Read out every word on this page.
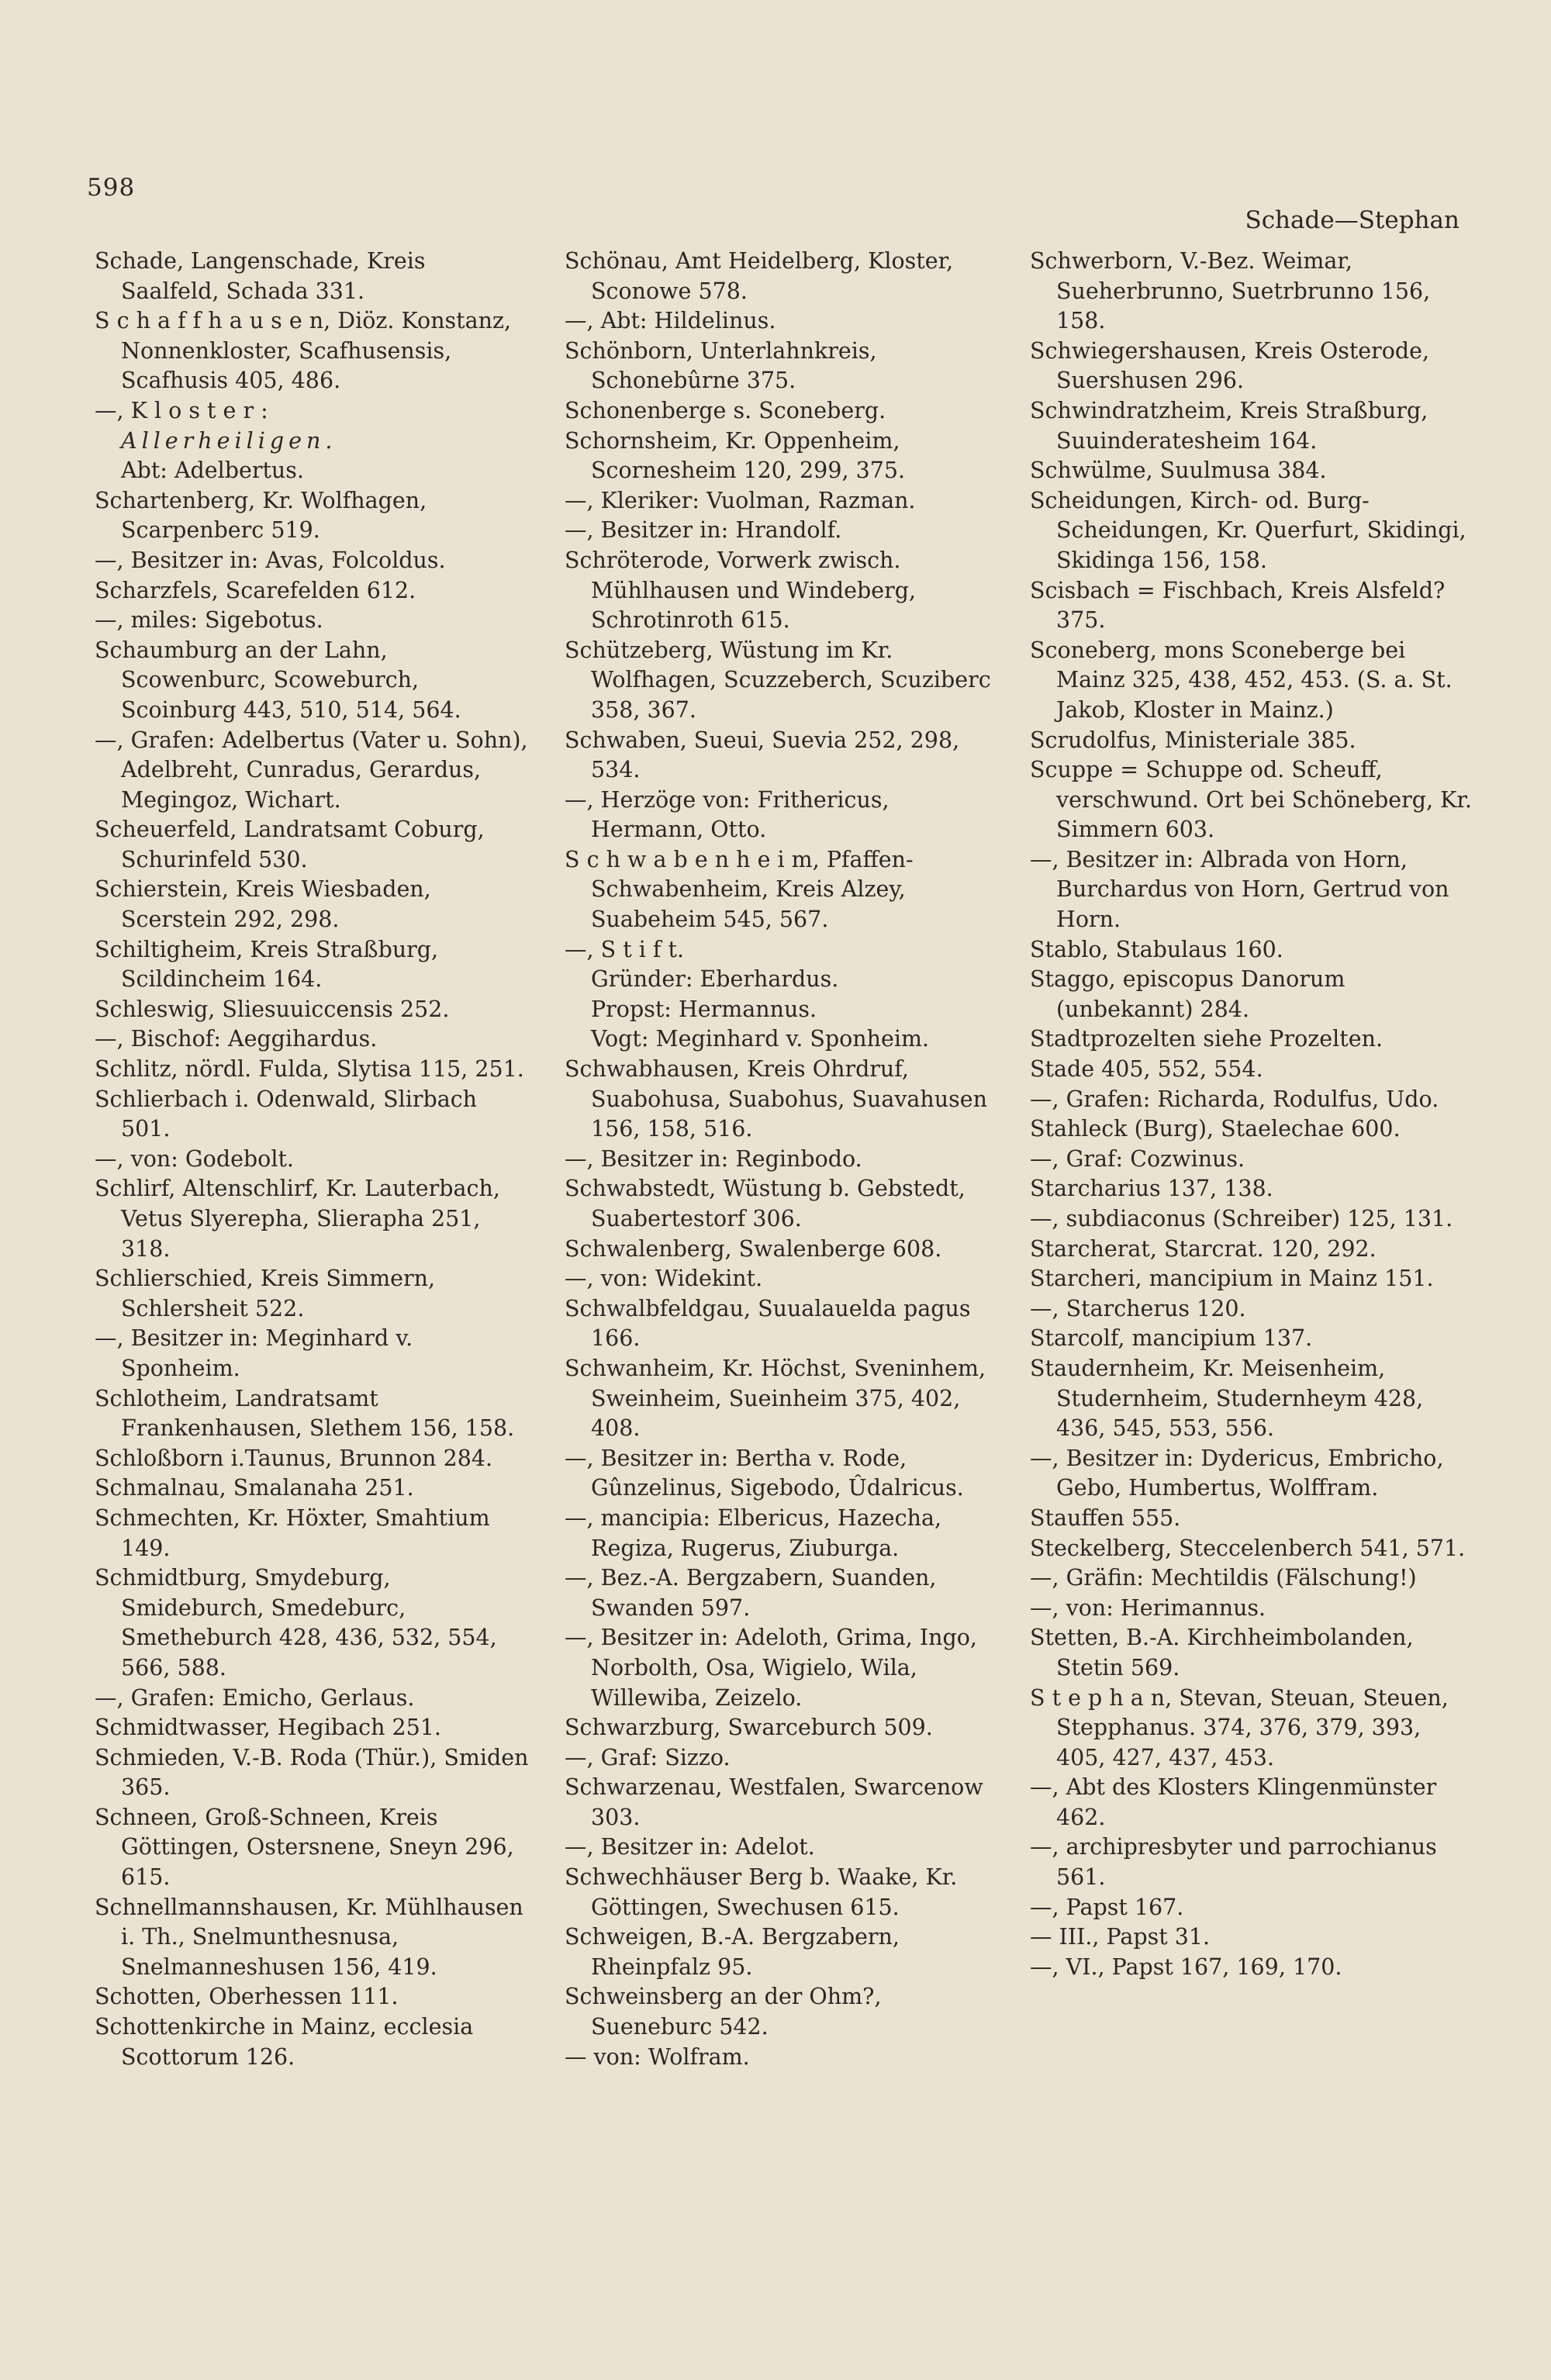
598
Schade—Stephan

Schade, Langenschade, Kreis Saalfeld, Schada 331.

S c h a f f h a u s e n, Diöz. Konstanz, Nonnenkloster, Scafhusensis, Scafhusis 405, 486.

—, K l o s t e r :

Allerheiligen.

Abt: Adelbertus.

Schartenberg, Kr. Wolfhagen, Scarpenberc 519.

—, Besitzer in: Avas, Folcoldus.

Scharzfels, Scarefelden 612.

—, miles: Sigebotus.

Schaumburg an der Lahn, Scowenburc, Scoweburch, Scoinburg 443, 510, 514, 564.

—, Grafen: Adelbertus (Vater u. Sohn), Adelbreht, Cunradus, Gerardus, Megingoz, Wichart.

Scheuerfeld, Landratsamt Coburg, Schurinfeld 530.

Schierstein, Kreis Wiesbaden, Scerstein 292, 298.

Schiltigheim, Kreis Straßburg, Scildincheim 164.

Schleswig, Sliesuuiccensis 252.

—, Bischof: Aeggihardus.

Schlitz, nördl. Fulda, Slytisa 115, 251.

Schlierbach i. Odenwald, Slirbach 501.

—, von: Godebolt.

Schlirf, Altenschlirf, Kr. Lauterbach, Vetus Slyerepha, Slierapha 251, 318.

Schlierschied, Kreis Simmern, Schlersheit 522.

—, Besitzer in: Meginhard v. Sponheim.

Schlotheim, Landratsamt Frankenhausen, Slethem 156, 158.

Schloßborn i.Taunus, Brunnon 284.

Schmalnau, Smalanaha 251.

Schmechten, Kr. Höxter, Smahtium 149.

Schmidtburg, Smydeburg, Smideburch, Smedeburc, Smetheburch 428, 436, 532, 554, 566, 588.

—, Grafen: Emicho, Gerlaus.

Schmidtwasser, Hegibach 251.

Schmieden, V.-B. Roda (Thür.), Smiden 365.

Schneen, Groß-Schneen, Kreis Göttingen, Ostersnene, Sneyn 296, 615.

Schnellmannshausen, Kr. Mühlhausen i. Th., Snelmunthesnusa, Snelmanneshusen 156, 419.

Schotten, Oberhessen 111.

Schottenkirche in Mainz, ecclesia Scottorum 126.

Schönau, Amt Heidelberg, Kloster, Sconowe 578.

—, Abt: Hildelinus.

Schönborn, Unterlahnkreis, Schonebûrne 375.

Schonenberge s. Sconeberg.

Schornsheim, Kr. Oppenheim, Scornesheim 120, 299, 375.

—, Kleriker: Vuolman, Razman.

—, Besitzer in: Hrandolf.

Schröterode, Vorwerk zwisch. Mühlhausen und Windeberg, Schrotinroth 615.

Schützeberg, Wüstung im Kr. Wolfhagen, Scuzzeberch, Scuziberc 358, 367.

Schwaben, Sueui, Suevia 252, 298, 534.

—, Herzöge von: Frithericus, Hermann, Otto.

S c h w a b e n h e i m, Pfaffen-Schwabenheim, Kreis Alzey, Suabeheim 545, 567.

—, S t i f t.

Gründer: Eberhardus.

Propst: Hermannus.

Vogt: Meginhard v. Sponheim.

Schwabhausen, Kreis Ohrdruf, Suabohusa, Suabohus, Suavahusen 156, 158, 516.

—, Besitzer in: Reginbodo.

Schwabstedt, Wüstung b. Gebstedt, Suabertestorf 306.

Schwalenberg, Swalenberge 608.

—, von: Widekint.

Schwalbfeldgau, Suualauelda pagus 166.

Schwanheim, Kr. Höchst, Sveninhem, Sweinheim, Sueinheim 375, 402, 408.

—, Besitzer in: Bertha v. Rode, Gûnzelinus, Sigebodo, Ûdalricus.

—, mancipia: Elbericus, Hazecha, Regiza, Rugerus, Ziuburga.

—, Bez.-A. Bergzabern, Suanden, Swanden 597.

—, Besitzer in: Adeloth, Grima, Ingo, Norbolth, Osa, Wigielo, Wila, Willewiba, Zeizelo.

Schwarzburg, Swarceburch 509.

—, Graf: Sizzo.

Schwarzenau, Westfalen, Swarcenow 303.

—, Besitzer in: Adelot.

Schwechhäuser Berg b. Waake, Kr. Göttingen, Swechusen 615.

Schweigen, B.-A. Bergzabern, Rheinpfalz 95.

Schweinsberg an der Ohm?, Sueneburc 542.

— von: Wolfram.

Schwerborn, V.-Bez. Weimar, Sueherbrunno, Suetrbrunno 156, 158.

Schwiegershausen, Kreis Osterode, Suershusen 296.

Schwindratzheim, Kreis Straßburg, Suuinderatesheim 164.

Schwülme, Suulmusa 384.

Scheidungen, Kirch- od. Burg-Scheidungen, Kr. Querfurt, Skidingi, Skidinga 156, 158.

Scisbach = Fischbach, Kreis Alsfeld? 375.

Sconeberg, mons Sconeberge bei Mainz 325, 438, 452, 453. (S. a. St. Jakob, Kloster in Mainz.)

Scrudolfus, Ministeriale 385.

Scuppe = Schuppe od. Scheuff, verschwund. Ort bei Schöneberg, Kr. Simmern 603.

—, Besitzer in: Albrada von Horn, Burchardus von Horn, Gertrud von Horn.

Stablo, Stabulaus 160.

Staggo, episcopus Danorum (unbekannt) 284.

Stadtprozelten siehe Prozelten.

Stade 405, 552, 554.

—, Grafen: Richarda, Rodulfus, Udo.

Stahleck (Burg), Staelechae 600.

—, Graf: Cozwinus.

Starcharius 137, 138.

—, subdiaconus (Schreiber) 125, 131.

Starcherat, Starcrat. 120, 292.

Starcheri, mancipium in Mainz 151.

—, Starcherus 120.

Starcolf, mancipium 137.

Staudernheim, Kr. Meisenheim, Studernheim, Studernheym 428, 436, 545, 553, 556.

—, Besitzer in: Dydericus, Embricho, Gebo, Humbertus, Wolffram.

Stauffen 555.

Steckelberg, Steccelenberch 541, 571.

—, Gräfin: Mechtildis (Fälschung!)

—, von: Herimannus.

Stetten, B.-A. Kirchheimbolanden, Stetin 569.

S t e p h a n, Stevan, Steuan, Steuen, Stepphanus. 374, 376, 379, 393, 405, 427, 437, 453.

—, Abt des Klosters Klingenmünster 462.

—, archipresbyter und parrochianus 561.

—, Papst 167.

— III., Papst 31.

—, VI., Papst 167, 169, 170.
